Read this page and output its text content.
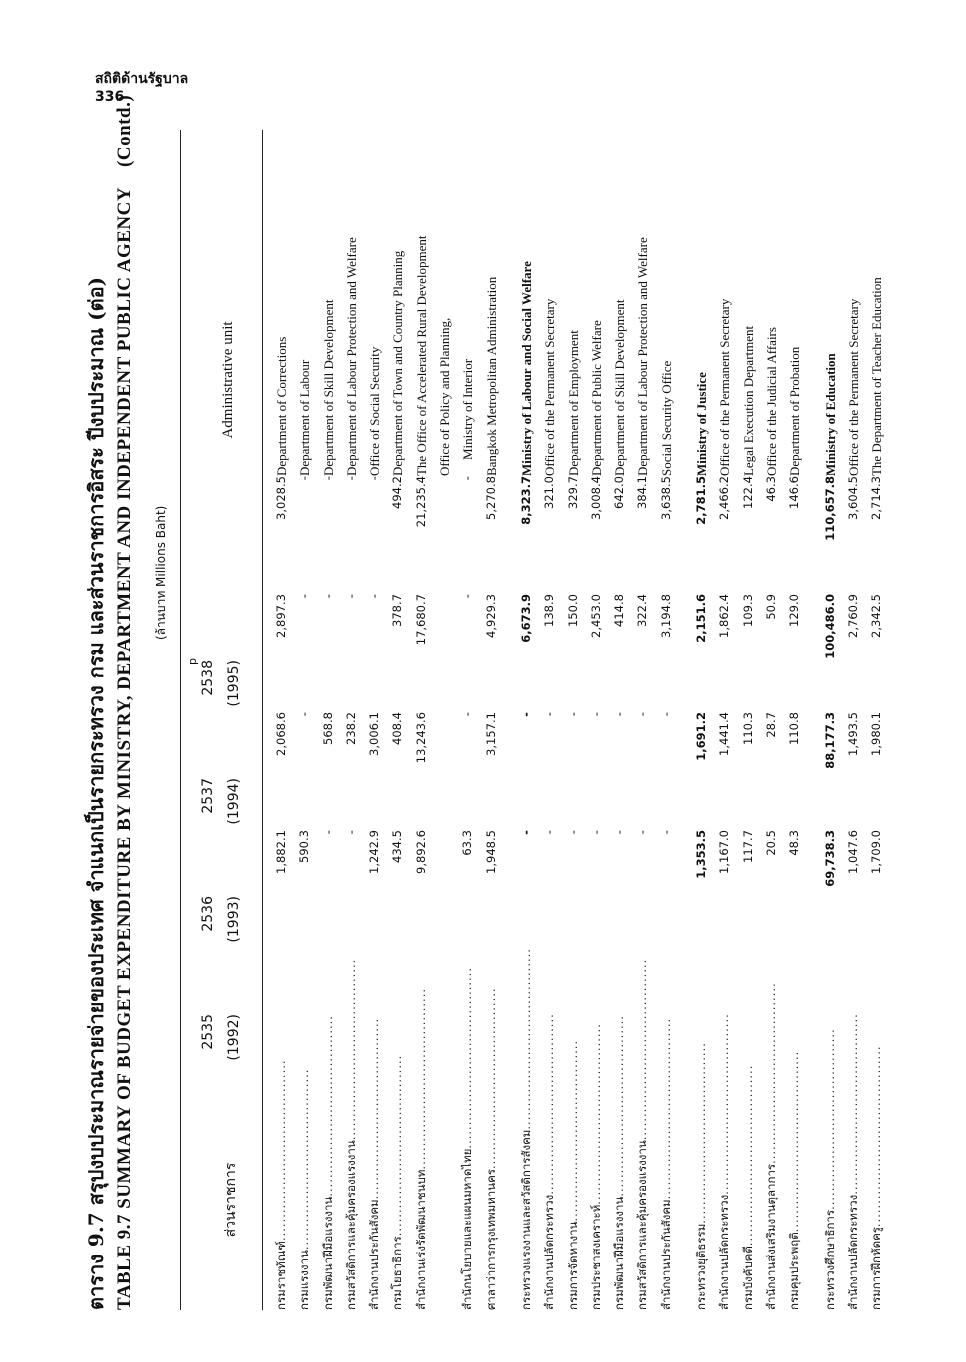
สถิติด้านรัฐบาล
336
ตาราง 9.7 สรุปงบประมาณรายจ่ายของประเทศ จำแนกเป็นรายกระทรวง กรม และส่วนราชการอิสระ ปีงบประมาณ (ต่อ) TABLE 9.7 SUMMARY OF BUDGET EXPENDITURE BY MINISTRY, DEPARTMENT AND INDEPENDENT PUBLIC AGENCY(Contd.)
(ล้านบาท Millions Baht)
ส่วนราชการ
2535 (1992)
2536 (1993)
2537 (1994)
2538
p (1995)
Administrative unit
กรมราชทัณฑ์.......................................		1,882.1		2,068.6		2,897.3		3,028.5	Department of Corrections
กรมแรงงาน.......................................		590.3		-		-		-	Department of Labour
กรมพัฒนาฝีมือแรงงาน.......................................		-		568.8		-		-	Department of Skill Development
กรมสวัสดิการและคุ้มครองแรงงาน.......................................		-		238.2		-		-	Department of Labour Protection and Welfare
สำนักงานประกันสังคม.......................................		1,242.9		3,006.1		-		-	Office of Social Security
กรมโยธาธิการ.......................................		434.5		408.4		378.7		494.2	Department of Town and Country Planning
สำนักงานเร่งรัดพัฒนาชนบท.......................................		9,892.6		13,243.6		17,680.7		21,235.4	The Office of Accelerated Rural Development
									Office of Policy and Planning,
สำนักนโยบายและแผนมหาดไทย.......................................		63.3		-		-		-	Ministry of Interior
ศาลาว่าการกรุงเทพมหานคร.......................................		1,948.5		3,157.1		4,929.3		5,270.8	Bangkok Metropolitan Administration

กระทรวงแรงงานและสวัสดิการสังคม.......................................		-		-		6,673.9		8,323.7	Ministry of Labour and Social Welfare
สำนักงานปลัดกระทรวง.......................................		-		-		138.9		321.0	Office of the Permanent Secretary
กรมการจัดหางาน.......................................		-		-		150.0		329.7	Department of Employment
กรมประชาสงเคราะห์.......................................		-		-		2,453.0		3,008.4	Department of Public Welfare
กรมพัฒนาฝีมือแรงงาน.......................................		-		-		414.8		642.0	Department of Skill Development
กรมสวัสดิการและคุ้มครองแรงงาน.......................................		-		-		322.4		384.1	Department of Labour Protection and Welfare
สำนักงานประกันสังคม.......................................		-		-		3,194.8		3,638.5	Social Security Office

กระทรวงยุติธรรม.......................................		1,353.5		1,691.2		2,151.6		2,781.5	Ministry of Justice
สำนักงานปลัดกระทรวง.......................................		1,167.0		1,441.4		1,862.4		2,466.2	Office of the Permanent Secretary
กรมบังคับคดี.......................................		117.7		110.3		109.3		122.4	Legal Execution Department
สำนักงานส่งเสริมงานตุลาการ.......................................		20.5		28.7		50.9		46.3	Office of the Judicial Affairs
กรมคุมประพฤติ.......................................		48.3		110.8		129.0		146.6	Department of Probation

กระทรวงศึกษาธิการ.......................................		69,738.3		88,177.3		100,486.0		110,657.8	Ministry of Education
สำนักงานปลัดกระทรวง.......................................		1,047.6		1,493.5		2,760.9		3,604.5	Office of the Permanent Secretary
กรมการฝึกหัดครู.......................................		1,709.0		1,980.1		2,342.5		2,714.3	The Department of Teacher Education
